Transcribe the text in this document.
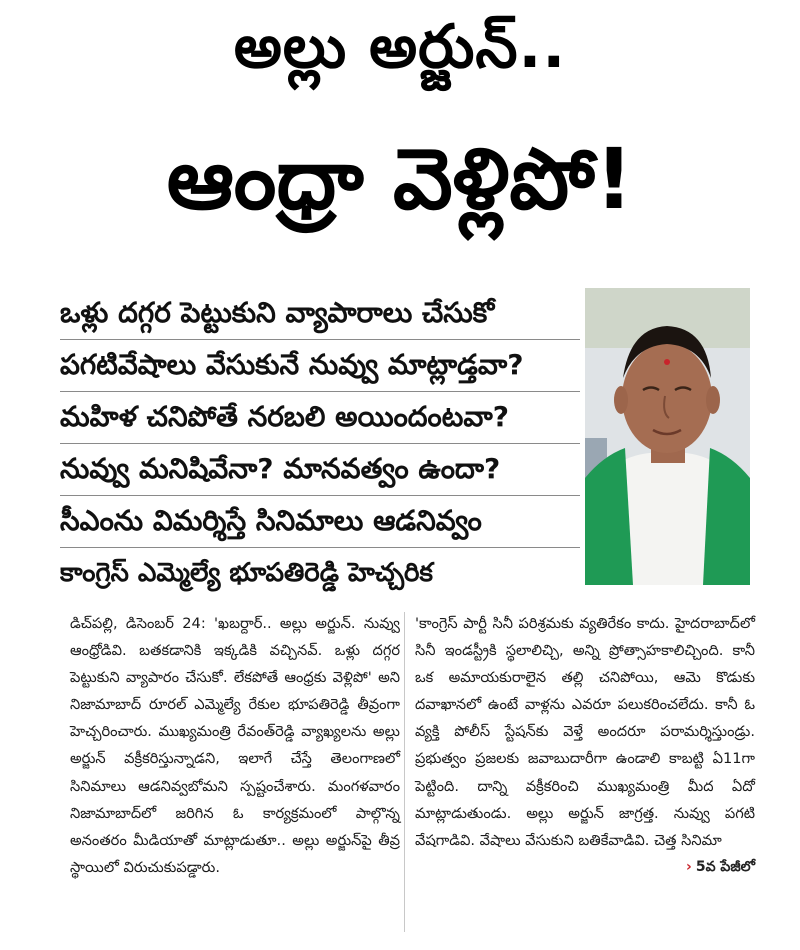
అల్లు అర్జున్..
ఆంధ్రా వెళ్లిపో!
ఒళ్లు దగ్గర పెట్టుకుని వ్యాపారాలు చేసుకో
పగటివేషాలు వేసుకునే నువ్వు మాట్లాడ్తవా?
మహిళ చనిపోతే నరబలి అయిందంటవా?
నువ్వు మనిషివేనా? మానవత్వం ఉందా?
సీఎంను విమర్శిస్తే సినిమాలు ఆడనివ్వం
కాంగ్రెస్ ఎమ్మెల్యే భూపతిరెడ్డి హెచ్చరిక

డిచ్‌పల్లి, డిసెంబర్ 24: 'ఖబర్దార్.. అల్లు అర్జున్. నువ్వు ఆంధ్రోడివి. బతకడానికి ఇక్కడికి వచ్చినవ్. ఒళ్లు దగ్గర పెట్టుకుని వ్యాపారం చేసుకో. లేకపోతే ఆంధ్రకు వెళ్లిపో' అని నిజామాబాద్ రూరల్ ఎమ్మెల్యే రేకుల భూపతిరెడ్డి తీవ్రంగా హెచ్చరించారు. ముఖ్యమంత్రి రేవంత్‌రెడ్డి వ్యాఖ్యలను అల్లు అర్జున్ వక్రీకరిస్తున్నాడని, ఇలాగే చేస్తే తెలంగాణలో సినిమాలు ఆడనివ్వబోమని స్పష్టంచేశారు. మంగళవారం నిజామాబాద్‌లో జరిగిన ఓ కార్యక్రమంలో పాల్గొన్న అనంతరం మీడియాతో మాట్లాడుతూ.. అల్లు అర్జున్‌పై తీవ్ర స్థాయిలో విరుచుకుపడ్డారు.

'కాంగ్రెస్ పార్టీ సినీ పరిశ్రమకు వ్యతిరేకం కాదు. హైదరాబాద్‌లో సినీ ఇండస్ట్రీకి స్థలాలిచ్చి, అన్ని ప్రోత్సాహకాలిచ్చింది. కానీ ఒక అమాయకురాలైన తల్లి చనిపోయి, ఆమె కొడుకు దవాఖానలో ఉంటే వాళ్లను ఎవరూ పలుకరించలేదు. కానీ ఓ వ్యక్తి పోలీస్ స్టేషన్‌కు వెళ్తే అందరూ పరామర్శిస్తుండ్రు. ప్రభుత్వం ప్రజలకు జవాబుదారీగా ఉండాలి కాబట్టి ఏ11గా పెట్టింది. దాన్ని వక్రీకరించి ముఖ్యమంత్రి మీద ఏదో మాట్లాడుతుండు. అల్లు అర్జున్ జాగ్రత్త. నువ్వు పగటి వేషగాడివి. వేషాలు వేసుకుని బతికేవాడివి. చెత్త సినిమా

› 5వ పేజీలో
